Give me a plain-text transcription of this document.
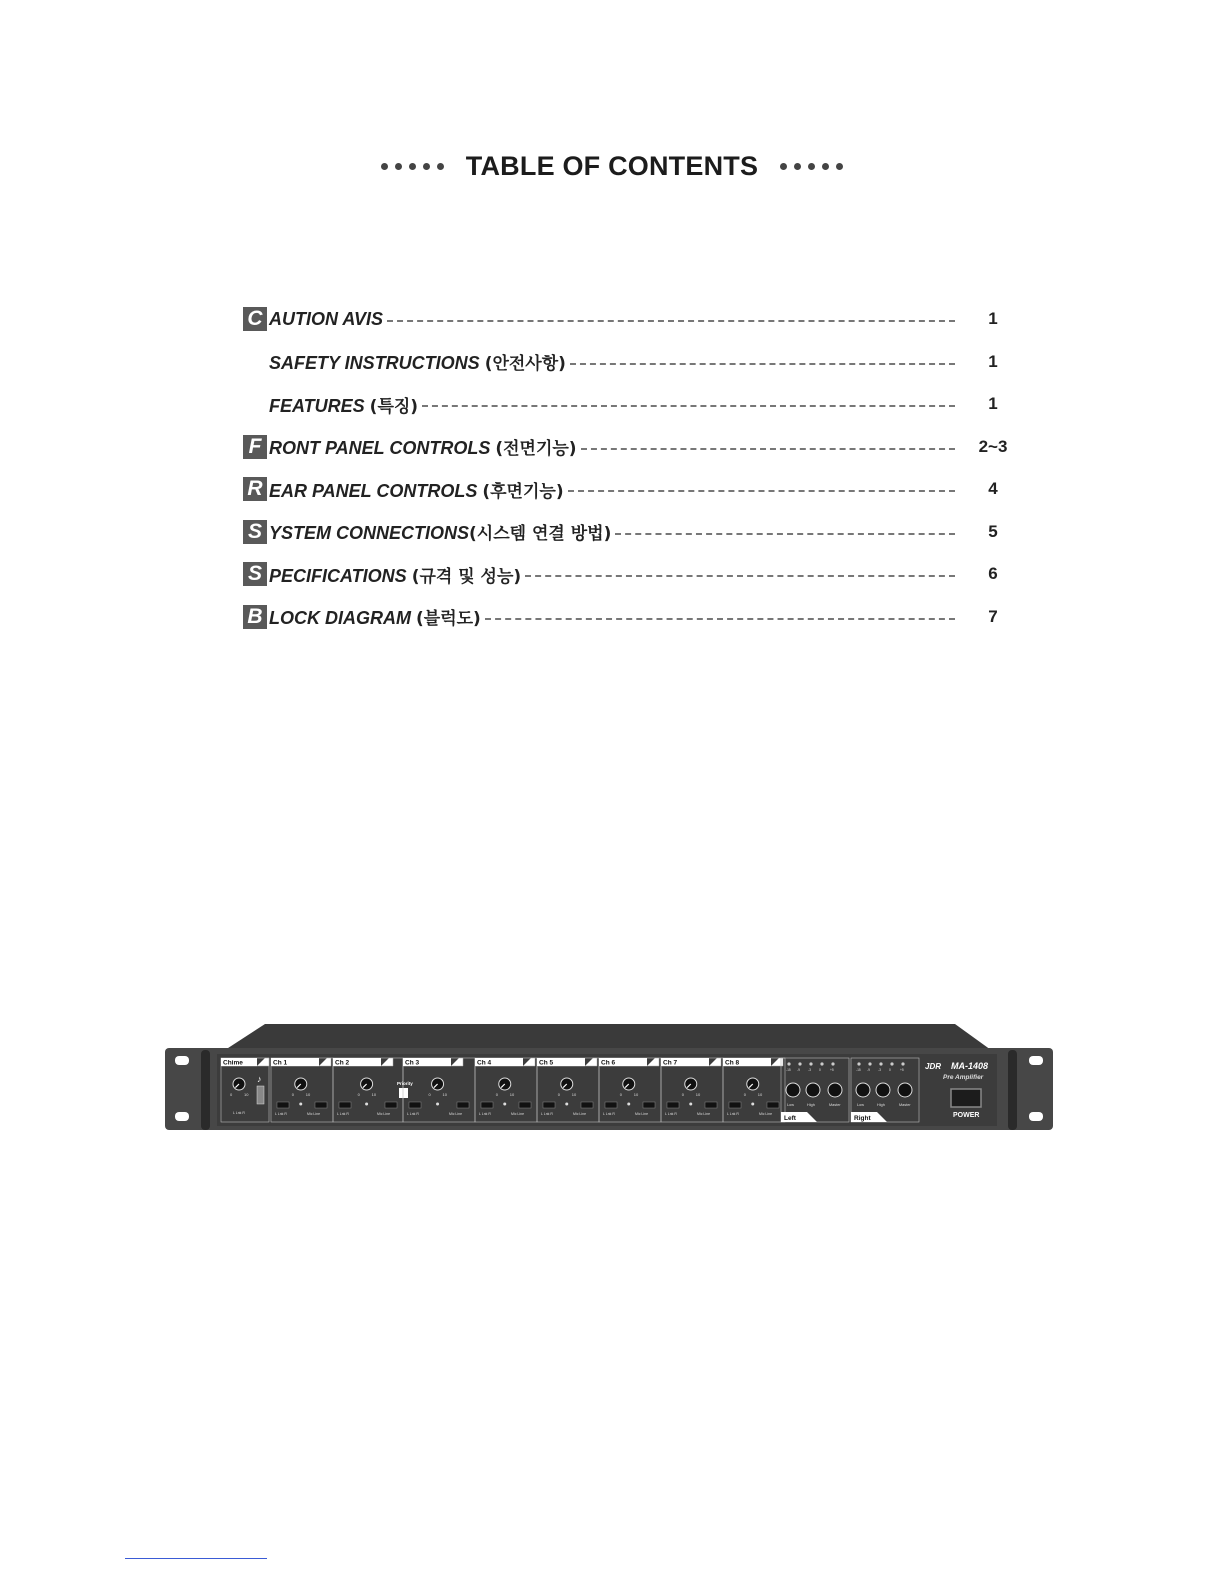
TABLE OF CONTENTS
C AUTION AVIS	1
SAFETY INSTRUCTIONS (안전사항)	1
FEATURES (특징)	1
F RONT PANEL CONTROLS (전면기능)	2~3
R EAR PANEL CONTROLS (후면기능)	4
S YSTEM CONNECTIONS(시스템 연결 방법)	5
S PECIFICATIONS (규격 및 성능)	6
B LOCK DIAGRAM (블럭도)	7
Chime
0	10
♪
L Lnk R
Ch 1
0	10
L Lnk R	Mic Line
Ch 2
0	10
L Lnk R	Mic Line
Priority
Ch 3
0	10
L Lnk R	Mic Line
Ch 4
0	10
L Lnk R	Mic Line
Ch 5
0	10
L Lnk R	Mic Line
Ch 6
0	10
L Lnk R	Mic Line
Ch 7
0	10
L Lnk R	Mic Line
Ch 8
0	10
L Lnk R	Mic Line
-15 -9 -3 0	+5
Low	High	Master
Left
-15 -9 -3 0	+5
Low	High	Master
Right
JDR MA-1408
Pre Amplifier
POWER
